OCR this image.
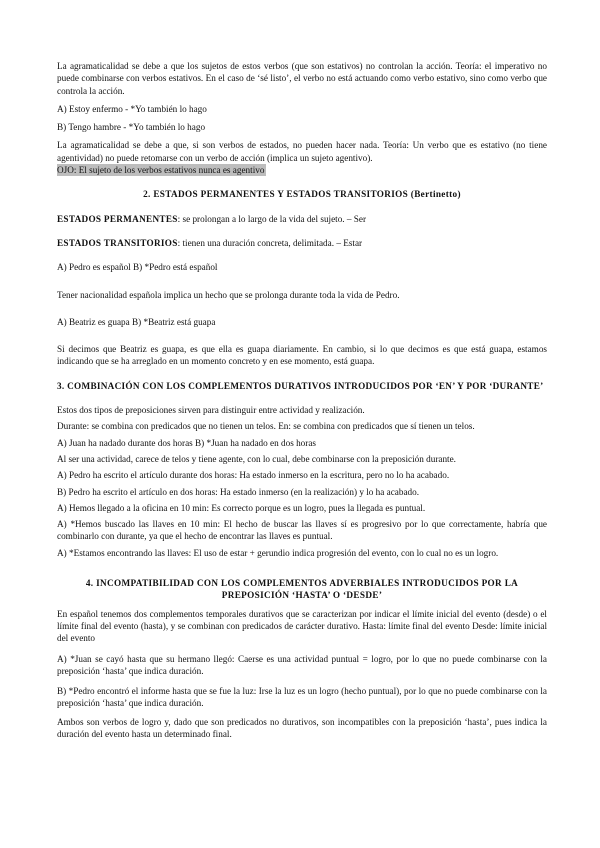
La agramaticalidad se debe a que los sujetos de estos verbos (que son estativos) no controlan la acción. Teoría: el imperativo no puede combinarse con verbos estativos. En el caso de ‘sé listo’, el verbo no está actuando como verbo estativo, sino como verbo que controla la acción.

A) Estoy enfermo - *Yo también lo hago

B) Tengo hambre - *Yo también lo hago

La agramaticalidad se debe a que, si son verbos de estados, no pueden hacer nada. Teoría: Un verbo que es estativo (no tiene agentividad) no puede retomarse con un verbo de acción (implica un sujeto agentivo).

OJO: El sujeto de los verbos estativos nunca es agentivo

2. ESTADOS PERMANENTES Y ESTADOS TRANSITORIOS (Bertinetto)

ESTADOS PERMANENTES: se prolongan a lo largo de la vida del sujeto. – Ser

ESTADOS TRANSITORIOS: tienen una duración concreta, delimitada. – Estar

A) Pedro es español B) *Pedro está español

Tener nacionalidad española implica un hecho que se prolonga durante toda la vida de Pedro.

A) Beatriz es guapa B) *Beatriz está guapa

Si decimos que Beatriz es guapa, es que ella es guapa diariamente. En cambio, si lo que decimos es que está guapa, estamos indicando que se ha arreglado en un momento concreto y en ese momento, está guapa.

3. COMBINACIÓN CON LOS COMPLEMENTOS DURATIVOS INTRODUCIDOS POR ‘EN’ Y POR ‘DURANTE’

Estos dos tipos de preposiciones sirven para distinguir entre actividad y realización.

Durante: se combina con predicados que no tienen un telos. En: se combina con predicados que sí tienen un telos.

A) Juan ha nadado durante dos horas B) *Juan ha nadado en dos horas

Al ser una actividad, carece de telos y tiene agente, con lo cual, debe combinarse con la preposición durante.

A) Pedro ha escrito el artículo durante dos horas: Ha estado inmerso en la escritura, pero no lo ha acabado.

B) Pedro ha escrito el artículo en dos horas: Ha estado inmerso (en la realización) y lo ha acabado.

A) Hemos llegado a la oficina en 10 min: Es correcto porque es un logro, pues la llegada es puntual.

A) *Hemos buscado las llaves en 10 min: El hecho de buscar las llaves sí es progresivo por lo que correctamente, habría que combinarlo con durante, ya que el hecho de encontrar las llaves es puntual.

A) *Estamos encontrando las llaves: El uso de estar + gerundio indica progresión del evento, con lo cual no es un logro.

4. INCOMPATIBILIDAD CON LOS COMPLEMENTOS ADVERBIALES INTRODUCIDOS POR LA PREPOSICIÓN ‘HASTA’ O ‘DESDE’

En español tenemos dos complementos temporales durativos que se caracterizan por indicar el límite inicial del evento (desde) o el límite final del evento (hasta), y se combinan con predicados de carácter durativo. Hasta: límite final del evento Desde: límite inicial del evento

A) *Juan se cayó hasta que su hermano llegó: Caerse es una actividad puntual = logro, por lo que no puede combinarse con la preposición ‘hasta’ que indica duración.

B) *Pedro encontró el informe hasta que se fue la luz: Irse la luz es un logro (hecho puntual), por lo que no puede combinarse con la preposición ‘hasta’ que indica duración.

Ambos son verbos de logro y, dado que son predicados no durativos, son incompatibles con la preposición ‘hasta’, pues indica la duración del evento hasta un determinado final.
